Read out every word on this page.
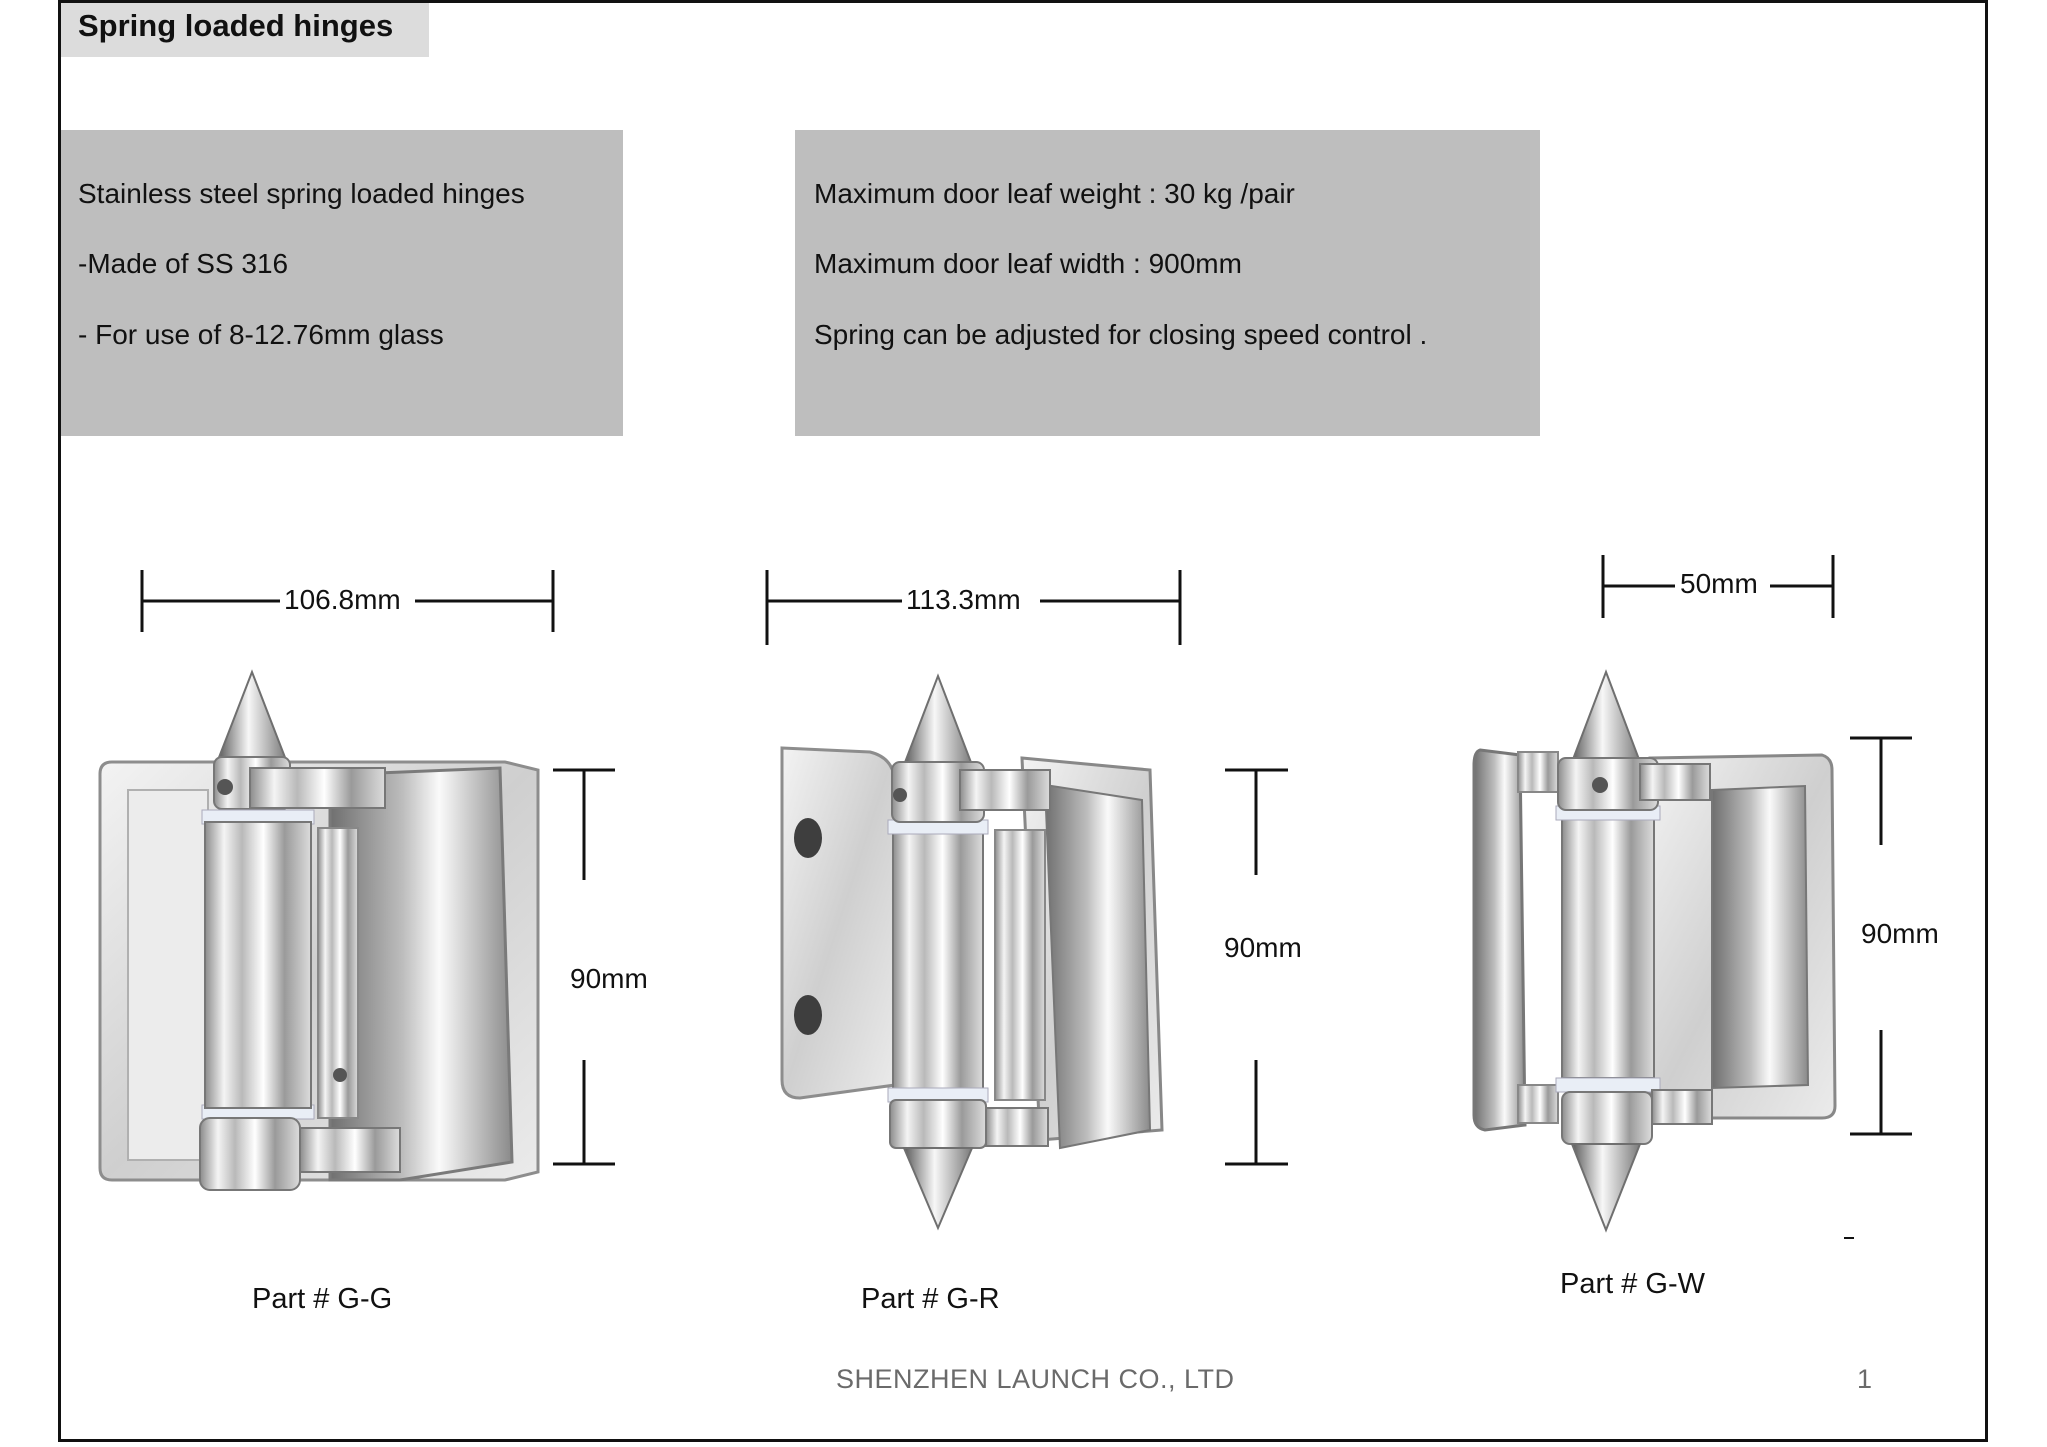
Spring loaded hinges
Stainless steel spring loaded hinges
-Made of SS 316
- For use of 8-12.76mm glass
Maximum door leaf weight : 30 kg /pair
Maximum door leaf width : 900mm
Spring can be adjusted for closing speed control .
106.8mm
90mm
113.3mm
90mm
50mm
90mm
Part # G-G	Part # G-R	Part # G-W
SHENZHEN LAUNCH CO., LTD	1
